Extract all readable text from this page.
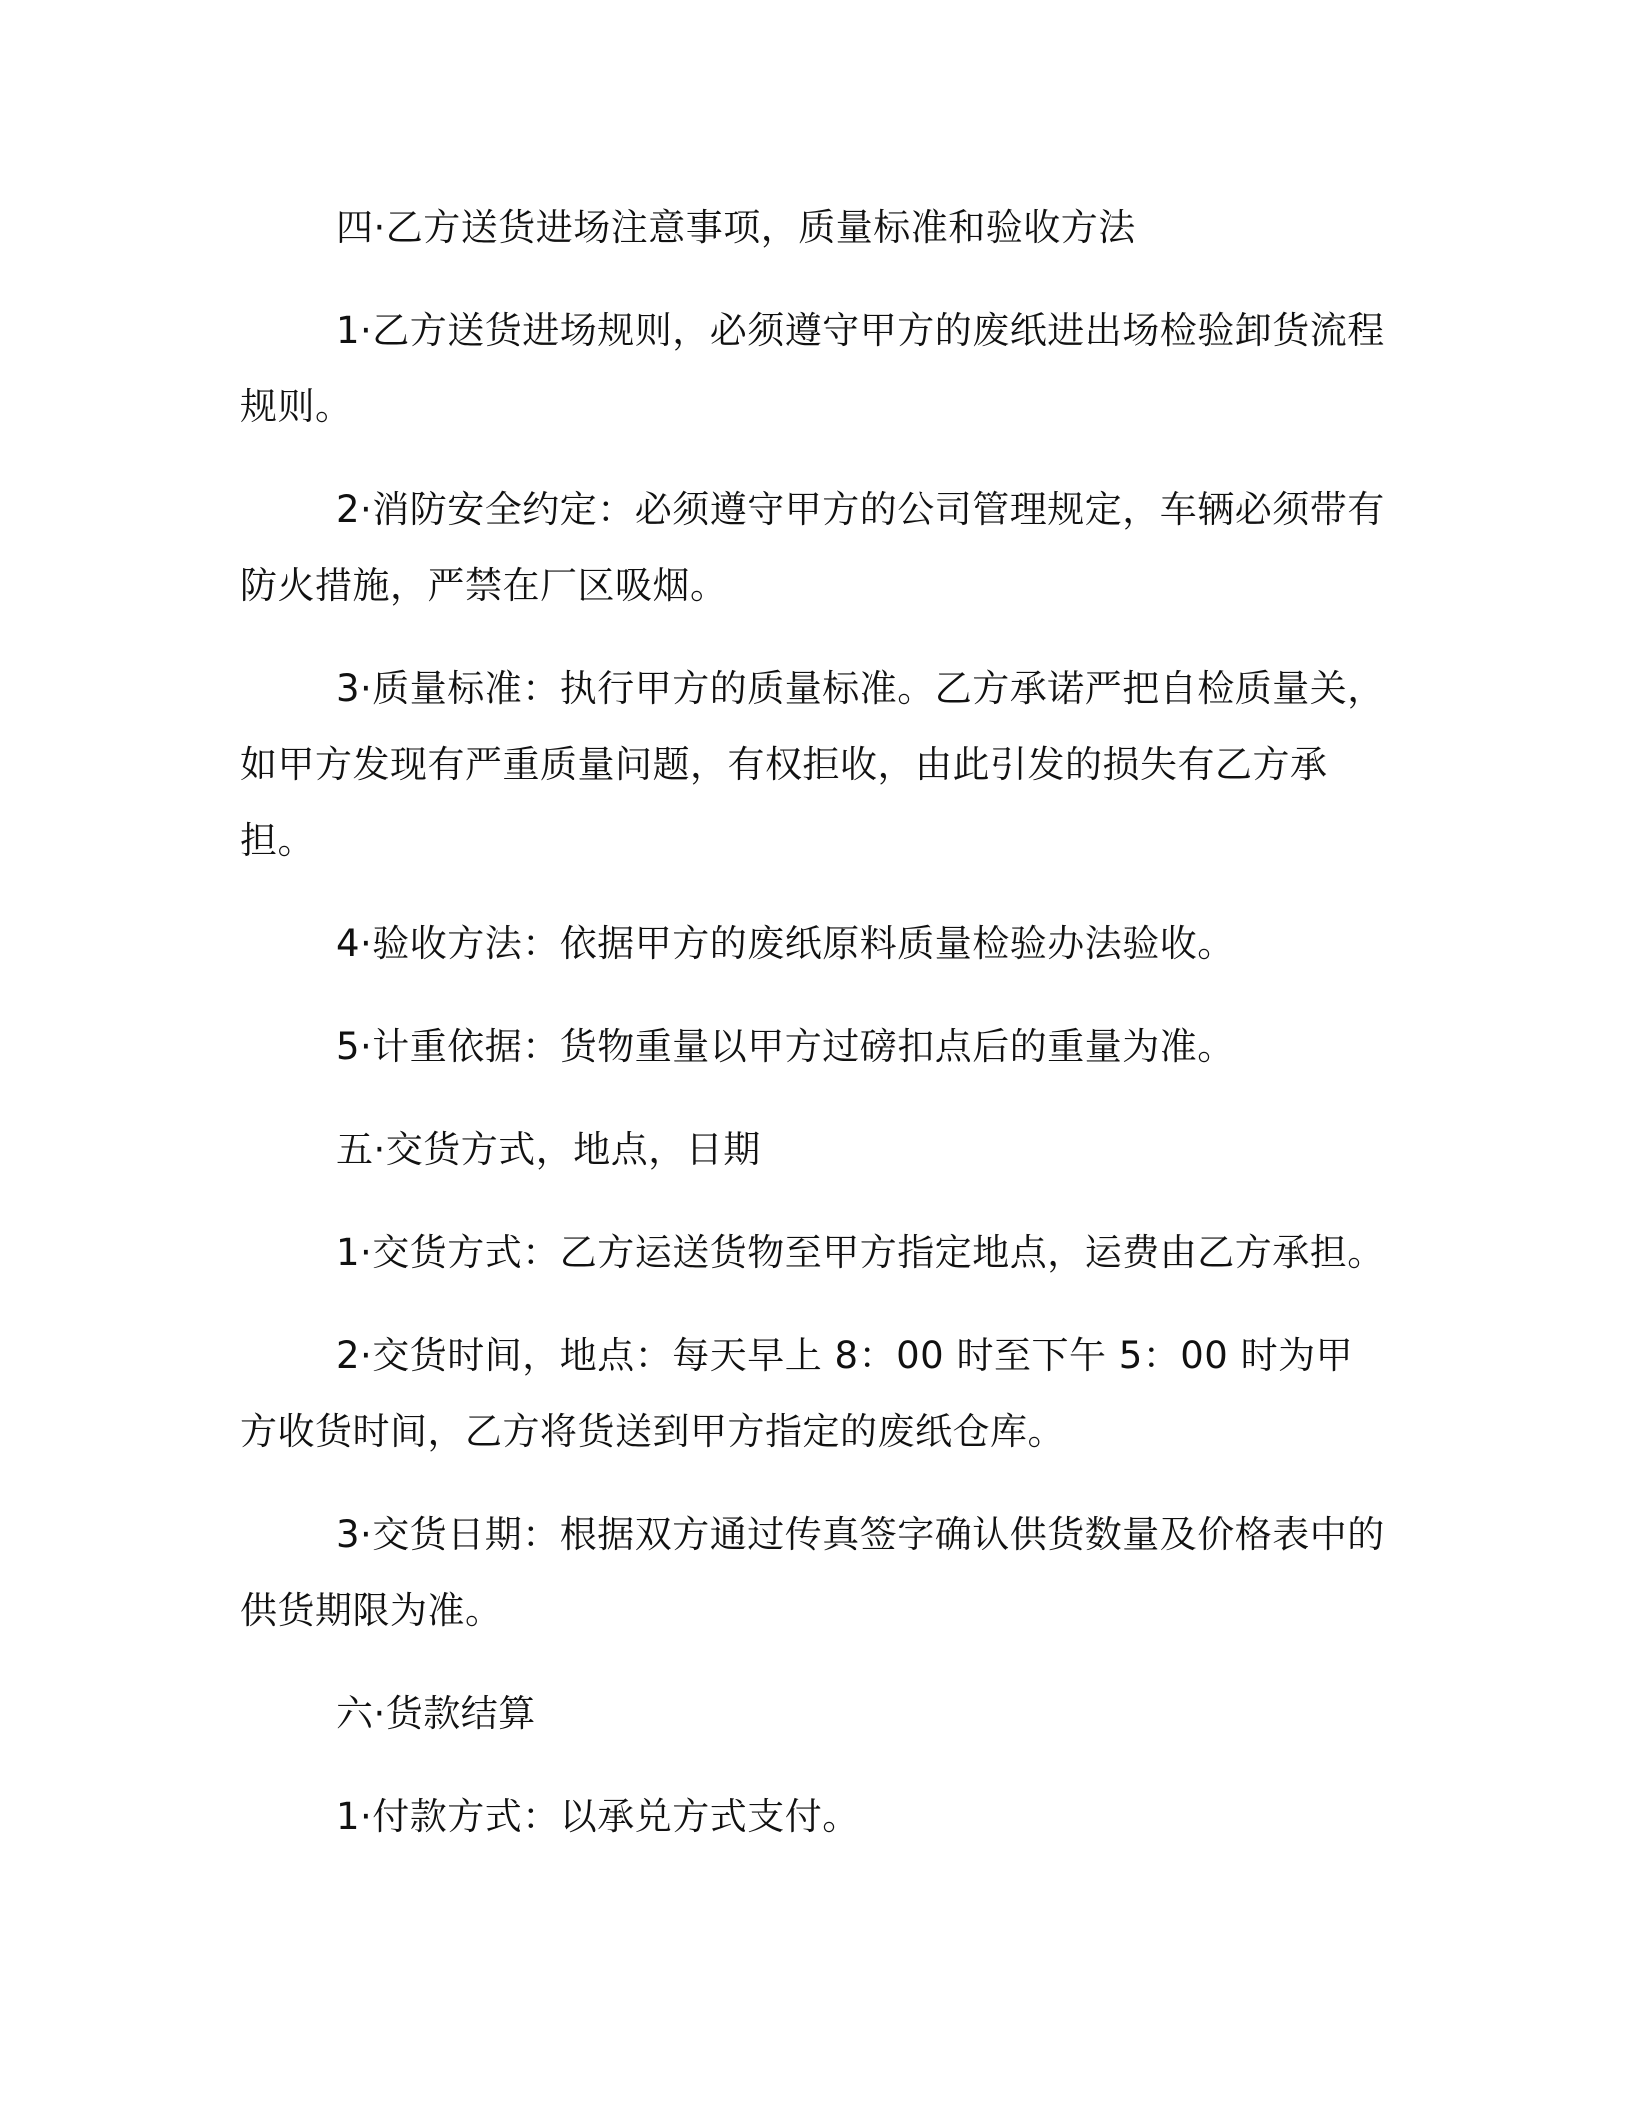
四·乙方送货进场注意事项，质量标准和验收方法

1·乙方送货进场规则，必须遵守甲方的废纸进出场检验卸货流程规则。

2·消防安全约定：必须遵守甲方的公司管理规定，车辆必须带有防火措施，严禁在厂区吸烟。

3·质量标准：执行甲方的质量标准。乙方承诺严把自检质量关，如甲方发现有严重质量问题，有权拒收，由此引发的损失有乙方承担。

4·验收方法：依据甲方的废纸原料质量检验办法验收。

5·计重依据：货物重量以甲方过磅扣点后的重量为准。

五·交货方式，地点，日期

1·交货方式：乙方运送货物至甲方指定地点，运费由乙方承担。

2·交货时间，地点：每天早上 8：00 时至下午 5：00 时为甲方收货时间，乙方将货送到甲方指定的废纸仓库。

3·交货日期：根据双方通过传真签字确认供货数量及价格表中的供货期限为准。

六·货款结算

1·付款方式：以承兑方式支付。
